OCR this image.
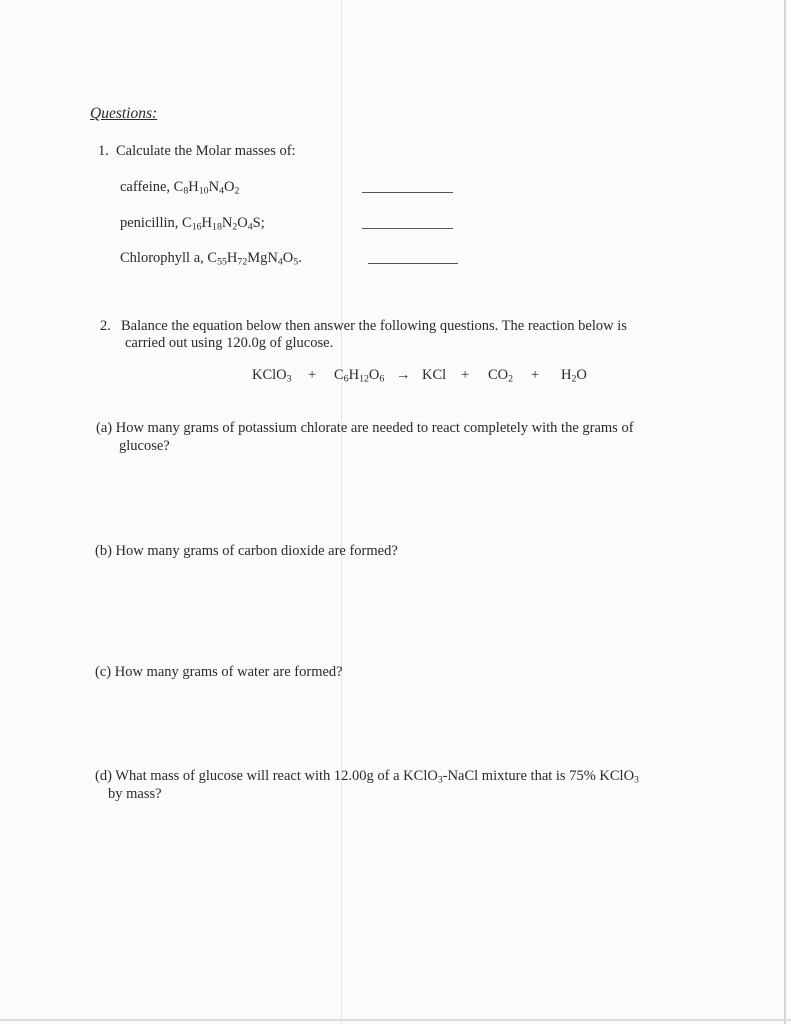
Questions:
1. Calculate the Molar masses of:
caffeine, $C_8H_{10}N_4O_2$
penicillin, $C_{16}H_{18}N_2O_4S$;
Chlorophyll a, $C_{55}H_{72}MgN_4O_5$.
2. Balance the equation below then answer the following questions. The reaction below is
carried out using 120.0g of glucose.
KClO$_3$ + $C_6H_{12}O_6$ → KCl + $CO_2 + H_2O$
(a) How many grams of potassium chlorate are needed to react completely with the grams of
glucose?
(b) How many grams of carbon dioxide are formed?
(c) How many grams of water are formed?
(d) What mass of glucose will react with 12.00g of a KClO$_3$-NaCl mixture that is 75% KClO$_3$
by mass?
